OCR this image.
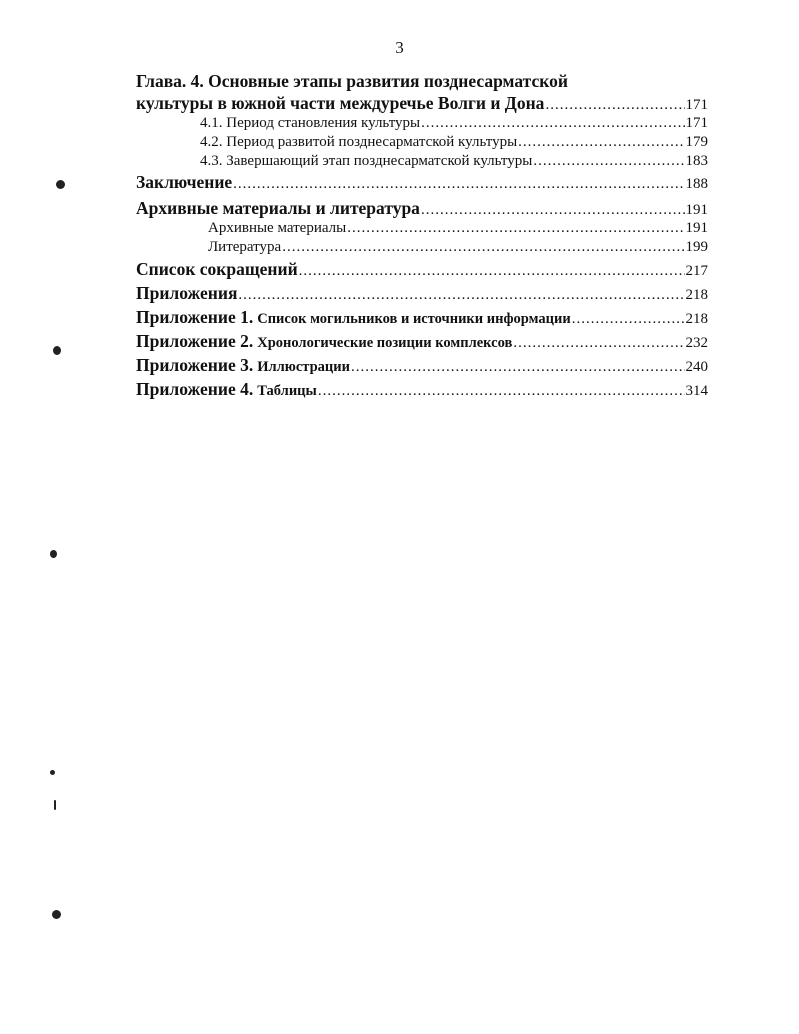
3
Глава. 4. Основные этапы развития позднесарматской
культуры в южной части междуречье Волги и Дона .....	171
4.1. Период становления культуры .....	171
4.2. Период развитой позднесарматской культуры .....	179
4.3. Завершающий этап позднесарматской культуры .....	183
Заключение .....	188
Архивные материалы и литература .....	191
Архивные материалы .....	191
Литература .....	199
Список сокращений .....	217
Приложения .....	218
Приложение 1. Список могильников и источники информации .....	218
Приложение 2. Хронологические позиции комплексов .....	232
Приложение 3. Иллюстрации .....	240
Приложение 4. Таблицы .....	314
